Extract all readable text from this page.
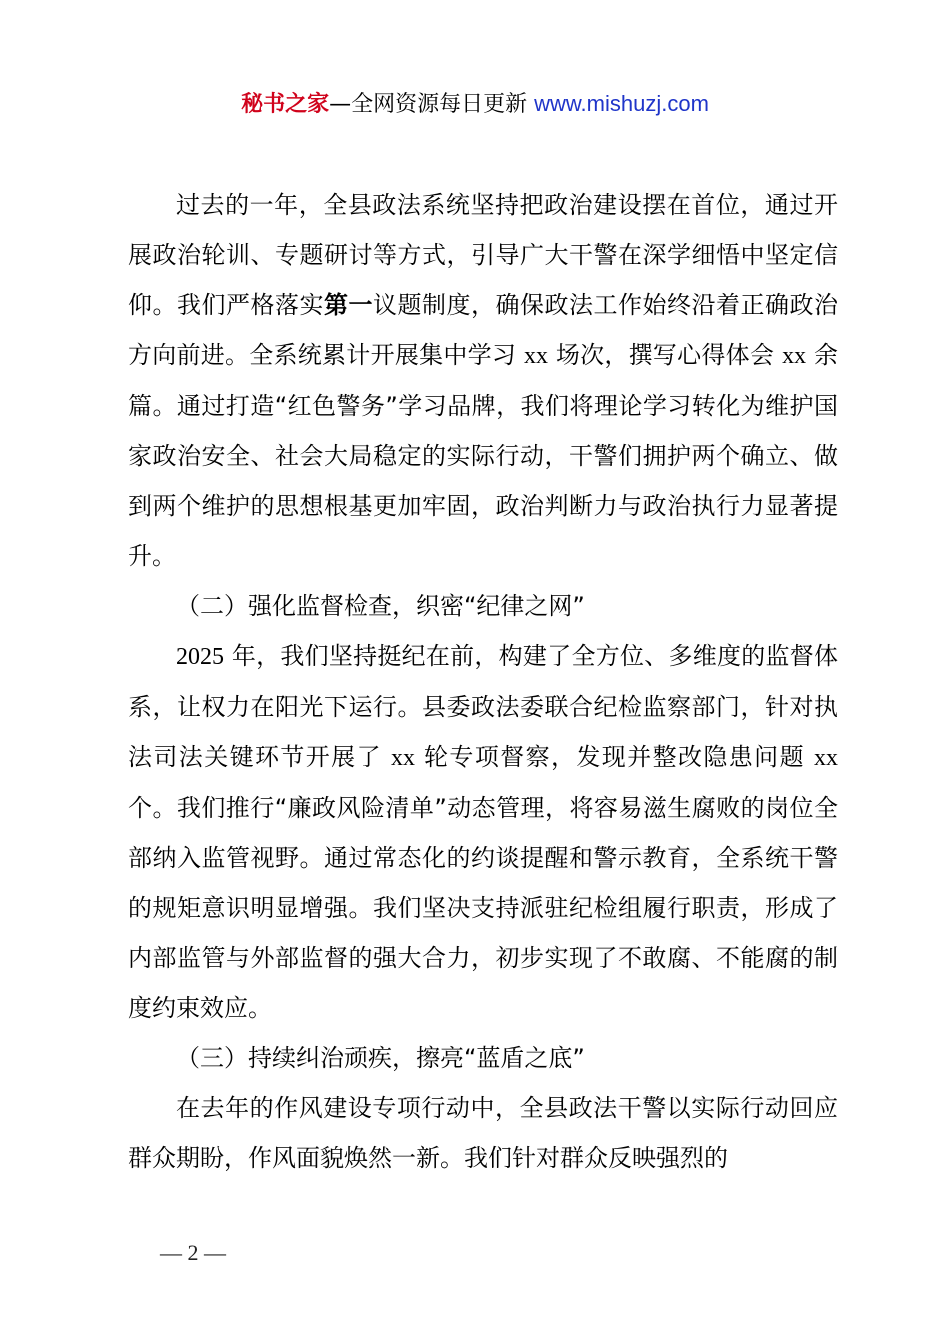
秘书之家—全网资源每日更新 www.mishuzj.com

过去的一年，全县政法系统坚持把政治建设摆在首位，通过开展政治轮训、专题研讨等方式，引导广大干警在深学细悟中坚定信仰。我们严格落实第一议题制度，确保政法工作始终沿着正确政治方向前进。全系统累计开展集中学习 xx 场次，撰写心得体会 xx 余篇。通过打造“红色警务”学习品牌，我们将理论学习转化为维护国家政治安全、社会大局稳定的实际行动，干警们拥护两个确立、做到两个维护的思想根基更加牢固，政治判断力与政治执行力显著提升。

（二）强化监督检查，织密“纪律之网”

2025 年，我们坚持挺纪在前，构建了全方位、多维度的监督体系，让权力在阳光下运行。县委政法委联合纪检监察部门，针对执法司法关键环节开展了 xx 轮专项督察，发现并整改隐患问题 xx 个。我们推行“廉政风险清单”动态管理，将容易滋生腐败的岗位全部纳入监管视野。通过常态化的约谈提醒和警示教育，全系统干警的规矩意识明显增强。我们坚决支持派驻纪检组履行职责，形成了内部监管与外部监督的强大合力，初步实现了不敢腐、不能腐的制度约束效应。

（三）持续纠治顽疾，擦亮“蓝盾之底”

在去年的作风建设专项行动中，全县政法干警以实际行动回应群众期盼，作风面貌焕然一新。我们针对群众反映强烈的

— 2 —
